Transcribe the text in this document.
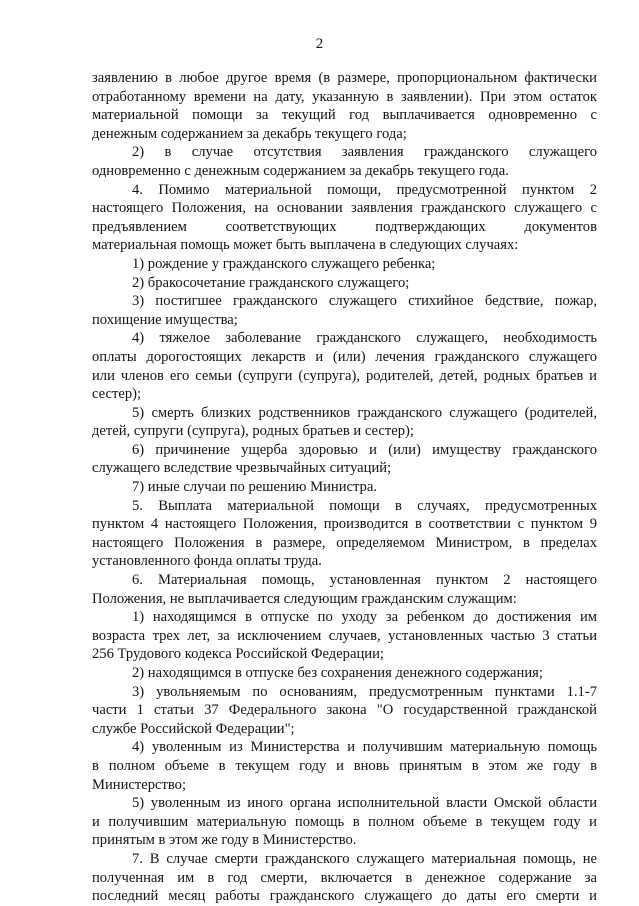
2
заявлению в любое другое время (в размере, пропорциональном фактически
отработанному времени на дату, указанную в заявлении). При этом остаток
материальной помощи за текущий год выплачивается одновременно с
денежным содержанием за декабрь текущего года;
2) в случае отсутствия заявления гражданского служащего
одновременно с денежным содержанием за декабрь текущего года.
4. Помимо материальной помощи, предусмотренной пунктом 2
настоящего Положения, на основании заявления гражданского служащего с
предъявлением соответствующих подтверждающих документов
материальная помощь может быть выплачена в следующих случаях:
1) рождение у гражданского служащего ребенка;
2) бракосочетание гражданского служащего;
3) постигшее гражданского служащего стихийное бедствие, пожар,
похищение имущества;
4) тяжелое заболевание гражданского служащего, необходимость
оплаты дорогостоящих лекарств и (или) лечения гражданского служащего
или членов его семьи (супруги (супруга), родителей, детей, родных братьев и
сестер);
5) смерть близких родственников гражданского служащего (родителей,
детей, супруги (супруга), родных братьев и сестер);
6) причинение ущерба здоровью и (или) имуществу гражданского
служащего вследствие чрезвычайных ситуаций;
7) иные случаи по решению Министра.
5. Выплата материальной помощи в случаях, предусмотренных
пунктом 4 настоящего Положения, производится в соответствии с пунктом 9
настоящего Положения в размере, определяемом Министром, в пределах
установленного фонда оплаты труда.
6. Материальная помощь, установленная пунктом 2 настоящего
Положения, не выплачивается следующим гражданским служащим:
1) находящимся в отпуске по уходу за ребенком до достижения им
возраста трех лет, за исключением случаев, установленных частью 3 статьи
256 Трудового кодекса Российской Федерации;
2) находящимся в отпуске без сохранения денежного содержания;
3) увольняемым по основаниям, предусмотренным пунктами 1.1-7
части 1 статьи 37 Федерального закона "О государственной гражданской
службе Российской Федерации";
4) уволенным из Министерства и получившим материальную помощь
в полном объеме в текущем году и вновь принятым в этом же году в
Министерство;
5) уволенным из иного органа исполнительной власти Омской области
и получившим материальную помощь в полном объеме в текущем году и
принятым в этом же году в Министерство.
7. В случае смерти гражданского служащего материальная помощь, не
полученная им в год смерти, включается в денежное содержание за
последний месяц работы гражданского служащего до даты его смерти и
